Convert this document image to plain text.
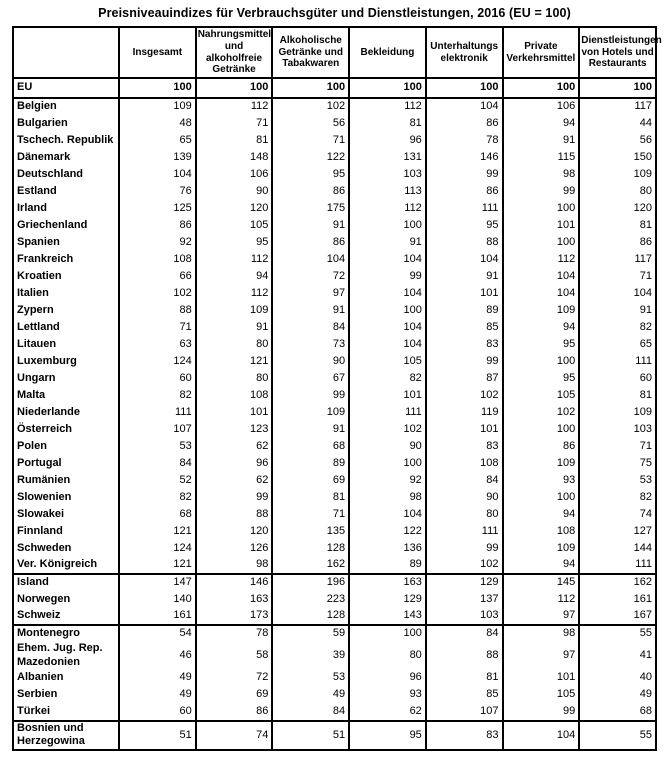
Preisniveauindizes für Verbrauchsgüter und Dienstleistungen, 2016 (EU = 100)
	Insgesamt	Nahrungsmittel und alkoholfreie Getränke	Alkoholische Getränke und Tabakwaren	Bekleidung	Unterhaltungs elektronik	Private Verkehrsmittel	Dienstleistungen von Hotels und Restaurants
EU	100	100	100	100	100	100	100
Belgien	109	112	102	112	104	106	117
Bulgarien	48	71	56	81	86	94	44
Tschech. Republik	65	81	71	96	78	91	56
Dänemark	139	148	122	131	146	115	150
Deutschland	104	106	95	103	99	98	109
Estland	76	90	86	113	86	99	80
Irland	125	120	175	112	111	100	120
Griechenland	86	105	91	100	95	101	81
Spanien	92	95	86	91	88	100	86
Frankreich	108	112	104	104	104	112	117
Kroatien	66	94	72	99	91	104	71
Italien	102	112	97	104	101	104	104
Zypern	88	109	91	100	89	109	91
Lettland	71	91	84	104	85	94	82
Litauen	63	80	73	104	83	95	65
Luxemburg	124	121	90	105	99	100	111
Ungarn	60	80	67	82	87	95	60
Malta	82	108	99	101	102	105	81
Niederlande	111	101	109	111	119	102	109
Österreich	107	123	91	102	101	100	103
Polen	53	62	68	90	83	86	71
Portugal	84	96	89	100	108	109	75
Rumänien	52	62	69	92	84	93	53
Slowenien	82	99	81	98	90	100	82
Slowakei	68	88	71	104	80	94	74
Finnland	121	120	135	122	111	108	127
Schweden	124	126	128	136	99	109	144
Ver. Königreich	121	98	162	89	102	94	111
Island	147	146	196	163	129	145	162
Norwegen	140	163	223	129	137	112	161
Schweiz	161	173	128	143	103	97	167
Montenegro	54	78	59	100	84	98	55
Ehem. Jug. Rep. Mazedonien	46	58	39	80	88	97	41
Albanien	49	72	53	96	81	101	40
Serbien	49	69	49	93	85	105	49
Türkei	60	86	84	62	107	99	68
Bosnien und Herzegowina	51	74	51	95	83	104	55
